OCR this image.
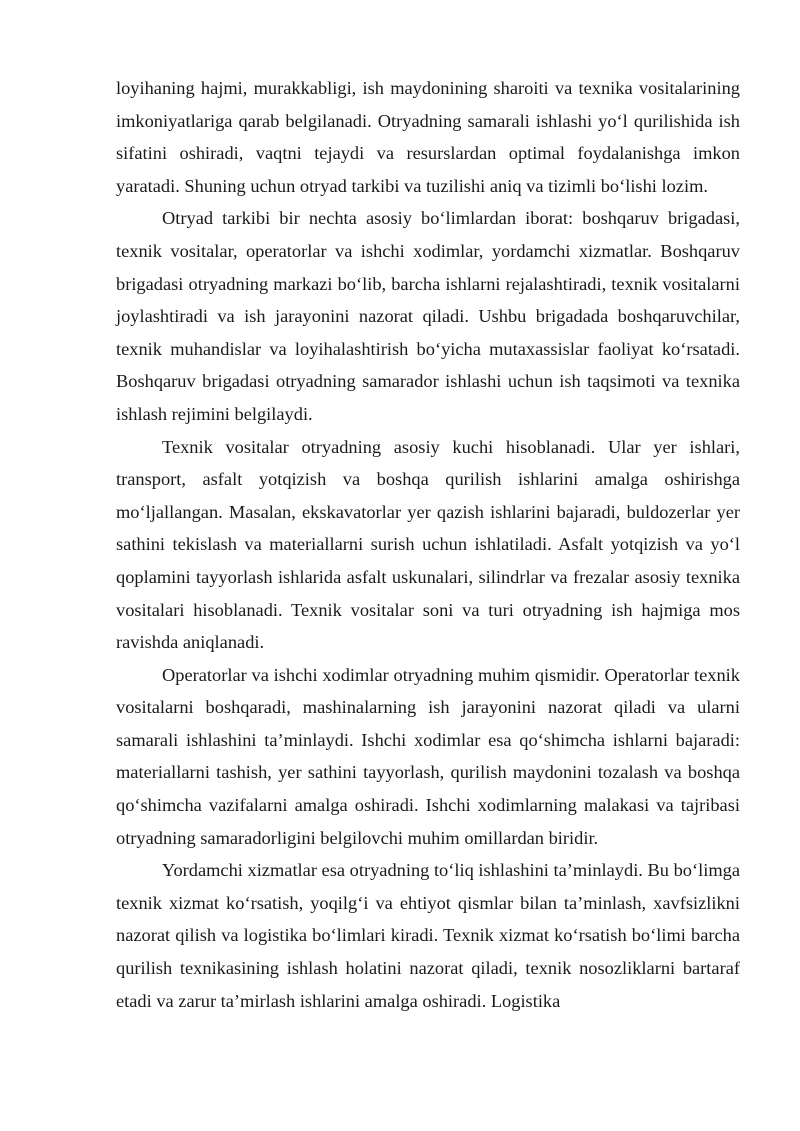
loyihaning hajmi, murakkabligi, ish maydonining sharoiti va texnika vositalarining imkoniyatlariga qarab belgilanadi. Otryadning samarali ishlashi yo‘l qurilishida ish sifatini oshiradi, vaqtni tejaydi va resurslardan optimal foydalanishga imkon yaratadi. Shuning uchun otryad tarkibi va tuzilishi aniq va tizimli bo‘lishi lozim.

Otryad tarkibi bir nechta asosiy bo‘limlardan iborat: boshqaruv brigadasi, texnik vositalar, operatorlar va ishchi xodimlar, yordamchi xizmatlar. Boshqaruv brigadasi otryadning markazi bo‘lib, barcha ishlarni rejalashtiradi, texnik vositalarni joylashtiradi va ish jarayonini nazorat qiladi. Ushbu brigadada boshqaruvchilar, texnik muhandislar va loyihalashtirish bo‘yicha mutaxassislar faoliyat ko‘rsatadi. Boshqaruv brigadasi otryadning samarador ishlashi uchun ish taqsimoti va texnika ishlash rejimini belgilaydi.

Texnik vositalar otryadning asosiy kuchi hisoblanadi. Ular yer ishlari, transport, asfalt yotqizish va boshqa qurilish ishlarini amalga oshirishga mo‘ljallangan. Masalan, ekskavatorlar yer qazish ishlarini bajaradi, buldozerlar yer sathini tekislash va materiallarni surish uchun ishlatiladi. Asfalt yotqizish va yo‘l qoplamini tayyorlash ishlarida asfalt uskunalari, silindrlar va frezalar asosiy texnika vositalari hisoblanadi. Texnik vositalar soni va turi otryadning ish hajmiga mos ravishda aniqlanadi.

Operatorlar va ishchi xodimlar otryadning muhim qismidir. Operatorlar texnik vositalarni boshqaradi, mashinalarning ish jarayonini nazorat qiladi va ularni samarali ishlashini ta’minlaydi. Ishchi xodimlar esa qo‘shimcha ishlarni bajaradi: materiallarni tashish, yer sathini tayyorlash, qurilish maydonini tozalash va boshqa qo‘shimcha vazifalarni amalga oshiradi. Ishchi xodimlarning malakasi va tajribasi otryadning samaradorligini belgilovchi muhim omillardan biridir.

Yordamchi xizmatlar esa otryadning to‘liq ishlashini ta’minlaydi. Bu bo‘limga texnik xizmat ko‘rsatish, yoqilg‘i va ehtiyot qismlar bilan ta’minlash, xavfsizlikni nazorat qilish va logistika bo‘limlari kiradi. Texnik xizmat ko‘rsatish bo‘limi barcha qurilish texnikasining ishlash holatini nazorat qiladi, texnik nosozliklarni bartaraf etadi va zarur ta’mirlash ishlarini amalga oshiradi. Logistika
